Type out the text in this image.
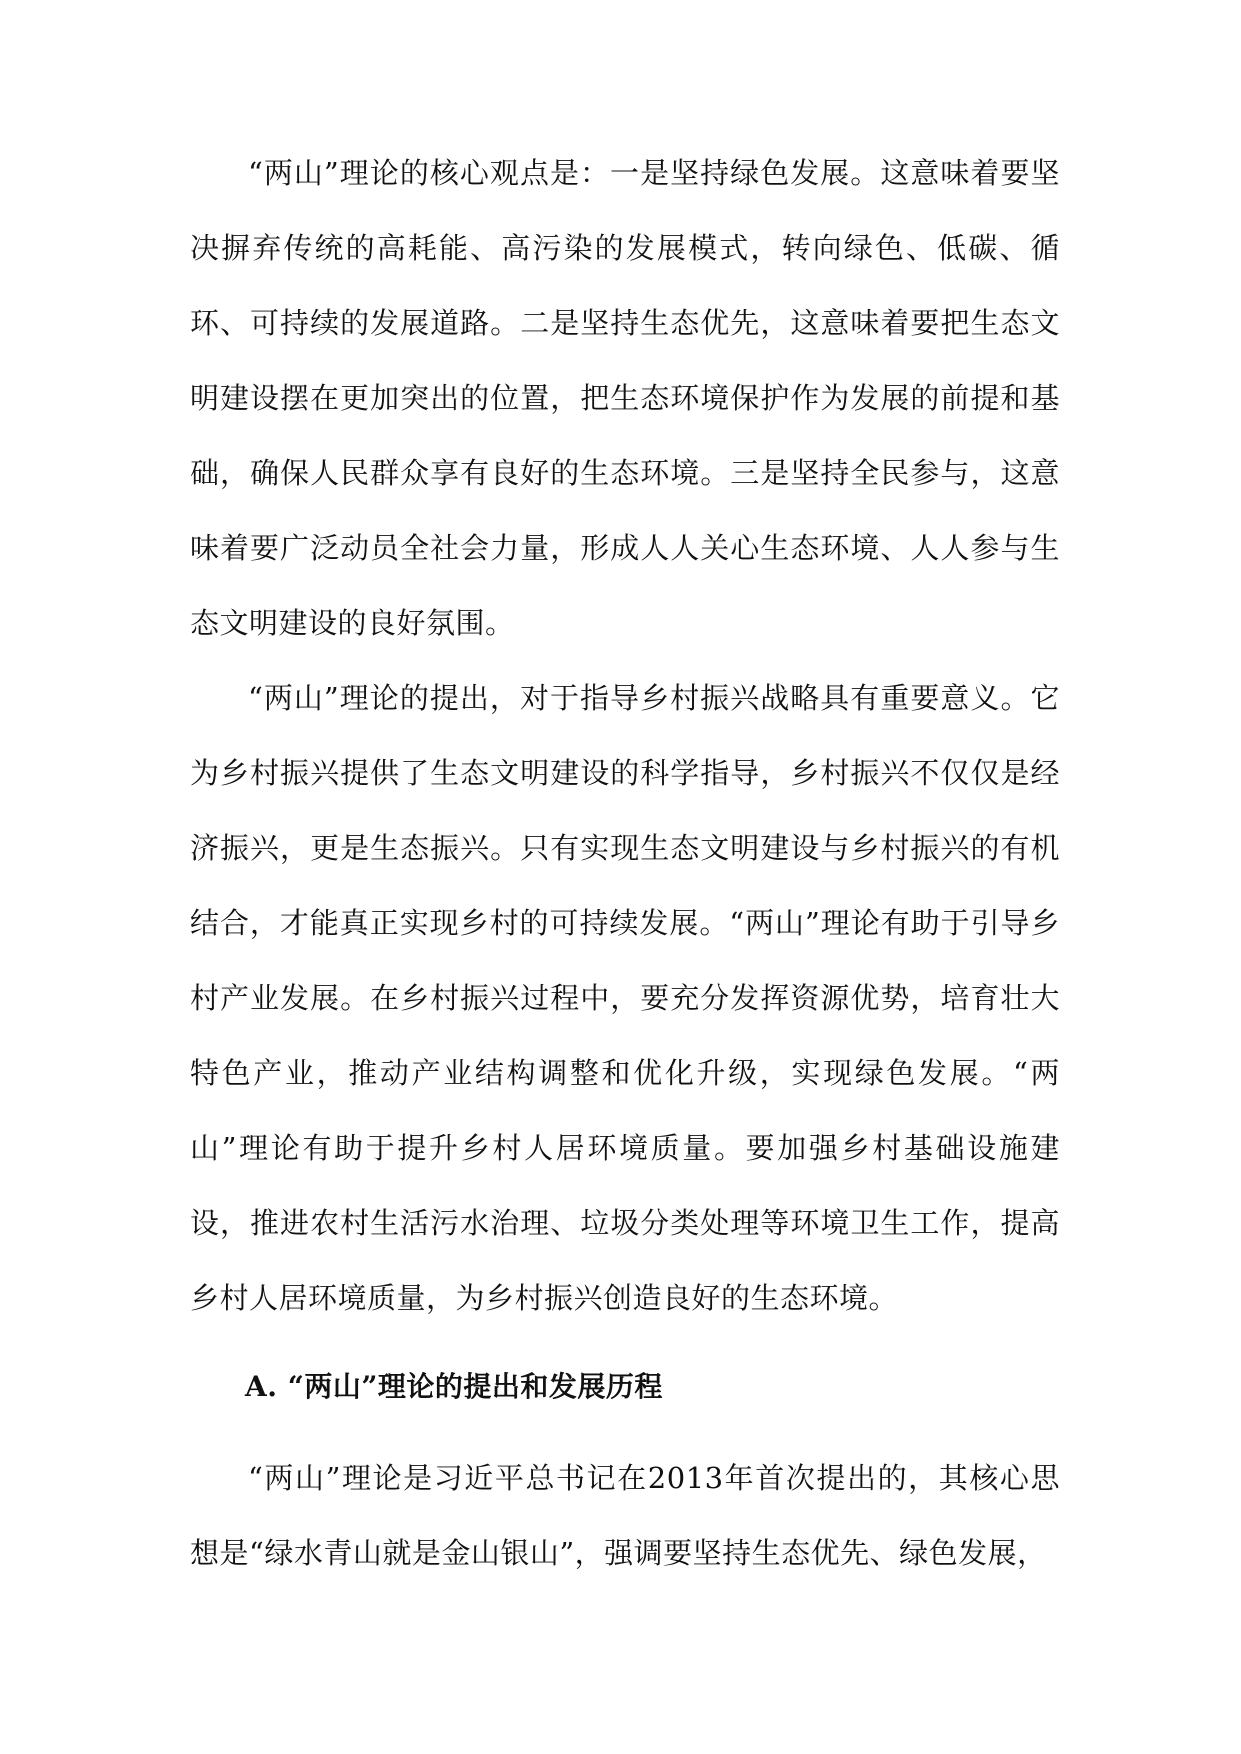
“两山”理论的核心观点是：一是坚持绿色发展。这意味着要坚决摒弃传统的高耗能、高污染的发展模式，转向绿色、低碳、循环、可持续的发展道路。二是坚持生态优先，这意味着要把生态文明建设摆在更加突出的位置，把生态环境保护作为发展的前提和基础，确保人民群众享有良好的生态环境。三是坚持全民参与，这意味着要广泛动员全社会力量，形成人人关心生态环境、人人参与生态文明建设的良好氛围。

“两山”理论的提出，对于指导乡村振兴战略具有重要意义。它为乡村振兴提供了生态文明建设的科学指导，乡村振兴不仅仅是经济振兴，更是生态振兴。只有实现生态文明建设与乡村振兴的有机结合，才能真正实现乡村的可持续发展。“两山”理论有助于引导乡村产业发展。在乡村振兴过程中，要充分发挥资源优势，培育壮大特色产业，推动产业结构调整和优化升级，实现绿色发展。“两山”理论有助于提升乡村人居环境质量。要加强乡村基础设施建设，推进农村生活污水治理、垃圾分类处理等环境卫生工作，提高乡村人居环境质量，为乡村振兴创造良好的生态环境。

A. “两山”理论的提出和发展历程

“两山”理论是习近平总书记在2013年首次提出的，其核心思想是“绿水青山就是金山银山”，强调要坚持生态优先、绿色发展，
